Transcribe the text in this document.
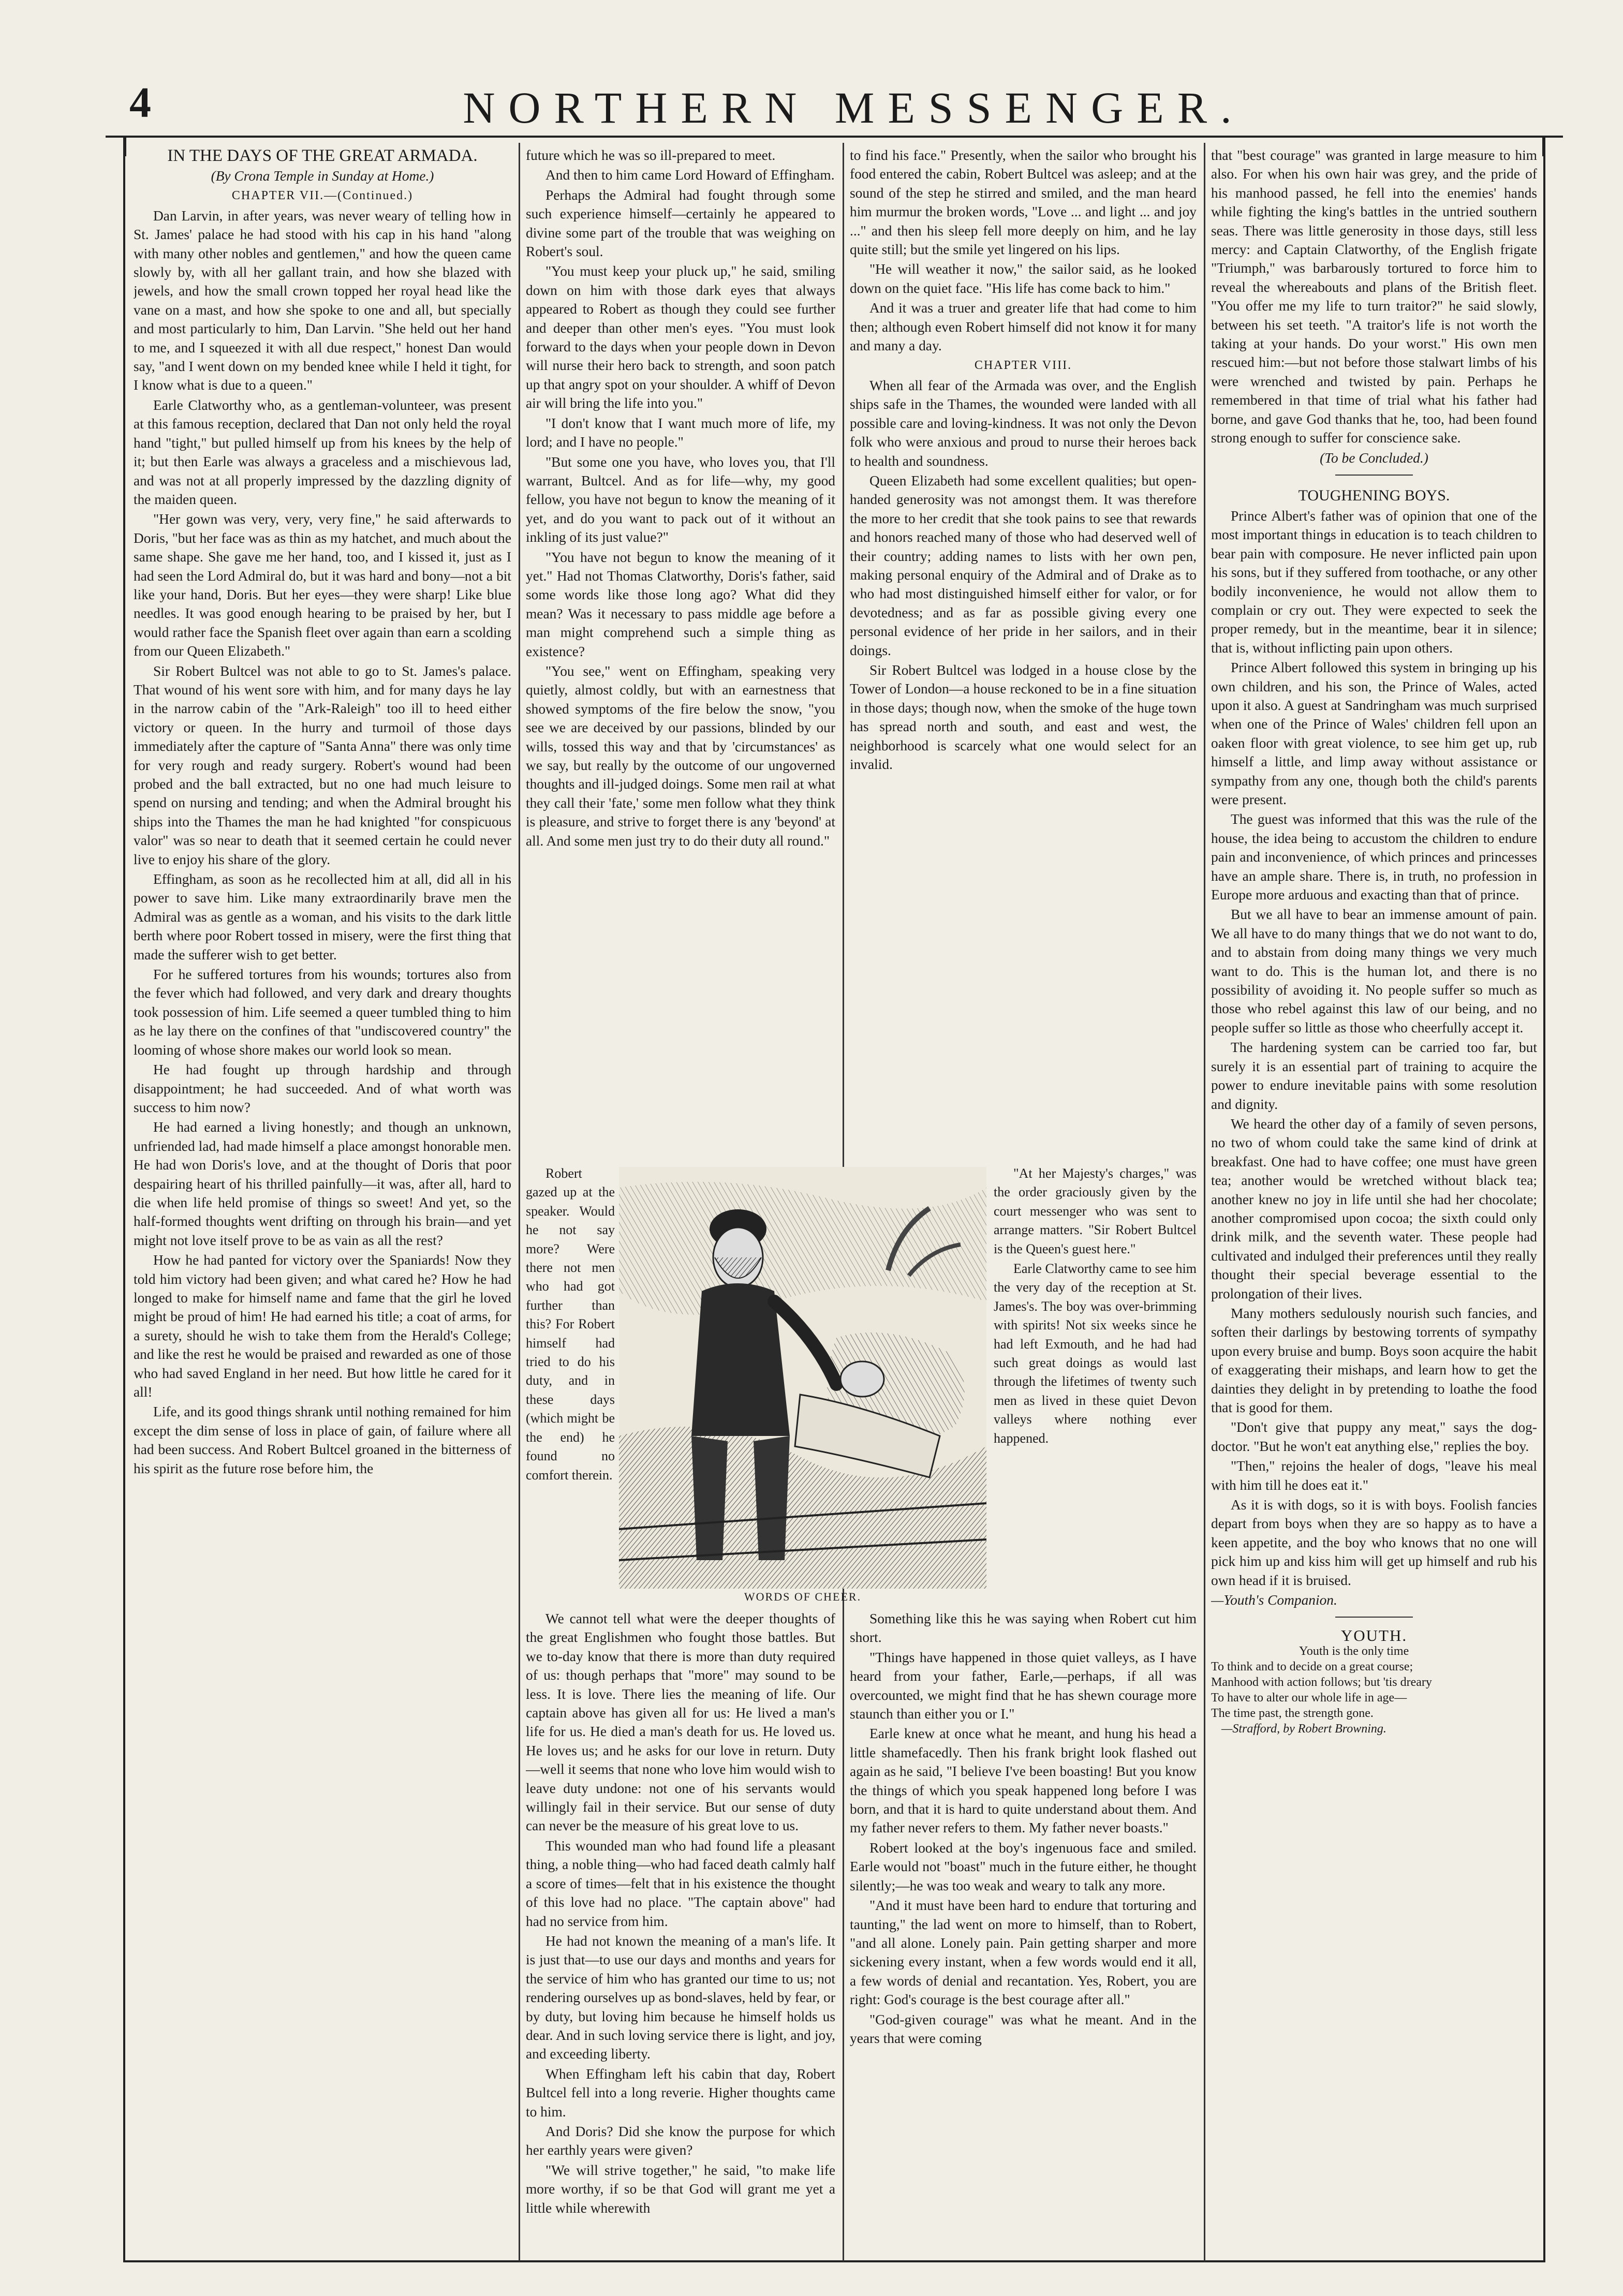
4	NORTHERN MESSENGER.

IN THE DAYS OF THE GREAT ARMADA.

(By Crona Temple in Sunday at Home.)

CHAPTER VII.—(Continued.)

Dan Larvin, in after years, was never weary of telling how in St. James' palace he had stood with his cap in his hand "along with many other nobles and gentlemen," and how the queen came slowly by, with all her gallant train, and how she blazed with jewels, and how the small crown topped her royal head like the vane on a mast, and how she spoke to one and all, but specially and most particularly to him, Dan Larvin. "She held out her hand to me, and I squeezed it with all due respect," honest Dan would say, "and I went down on my bended knee while I held it tight, for I know what is due to a queen."

Earle Clatworthy who, as a gentleman-volunteer, was present at this famous reception, declared that Dan not only held the royal hand "tight," but pulled himself up from his knees by the help of it; but then Earle was always a graceless and a mischievous lad, and was not at all properly impressed by the dazzling dignity of the maiden queen.

"Her gown was very, very, very fine," he said afterwards to Doris, "but her face was as thin as my hatchet, and much about the same shape. She gave me her hand, too, and I kissed it, just as I had seen the Lord Admiral do, but it was hard and bony—not a bit like your hand, Doris. But her eyes—they were sharp! Like blue needles. It was good enough hearing to be praised by her, but I would rather face the Spanish fleet over again than earn a scolding from our Queen Elizabeth."

Sir Robert Bultcel was not able to go to St. James's palace. That wound of his went sore with him, and for many days he lay in the narrow cabin of the "Ark-Raleigh" too ill to heed either victory or queen. In the hurry and turmoil of those days immediately after the capture of "Santa Anna" there was only time for very rough and ready surgery. Robert's wound had been probed and the ball extracted, but no one had much leisure to spend on nursing and tending; and when the Admiral brought his ships into the Thames the man he had knighted "for conspicuous valor" was so near to death that it seemed certain he could never live to enjoy his share of the glory.

Effingham, as soon as he recollected him at all, did all in his power to save him. Like many extraordinarily brave men the Admiral was as gentle as a woman, and his visits to the dark little berth where poor Robert tossed in misery, were the first thing that made the sufferer wish to get better.

For he suffered tortures from his wounds; tortures also from the fever which had followed, and very dark and dreary thoughts took possession of him. Life seemed a queer tumbled thing to him as he lay there on the confines of that "undiscovered country" the looming of whose shore makes our world look so mean.

He had fought up through hardship and through disappointment; he had succeeded. And of what worth was success to him now?

He had earned a living honestly; and though an unknown, unfriended lad, had made himself a place amongst honorable men. He had won Doris's love, and at the thought of Doris that poor despairing heart of his thrilled painfully—it was, after all, hard to die when life held promise of things so sweet! And yet, so the half-formed thoughts went drifting on through his brain—and yet might not love itself prove to be as vain as all the rest?

How he had panted for victory over the Spaniards! Now they told him victory had been given; and what cared he? How he had longed to make for himself name and fame that the girl he loved might be proud of him! He had earned his title; a coat of arms, for a surety, should he wish to take them from the Herald's College; and like the rest he would be praised and rewarded as one of those who had saved England in her need. But how little he cared for it all!

Life, and its good things shrank until nothing remained for him except the dim sense of loss in place of gain, of failure where all had been success. And Robert Bultcel groaned in the bitterness of his spirit as the future rose before him, the

future which he was so ill-prepared to meet.

And then to him came Lord Howard of Effingham.

Perhaps the Admiral had fought through some such experience himself—certainly he appeared to divine some part of the trouble that was weighing on Robert's soul.

"You must keep your pluck up," he said, smiling down on him with those dark eyes that always appeared to Robert as though they could see further and deeper than other men's eyes. "You must look forward to the days when your people down in Devon will nurse their hero back to strength, and soon patch up that angry spot on your shoulder. A whiff of Devon air will bring the life into you."

"I don't know that I want much more of life, my lord; and I have no people."

"But some one you have, who loves you, that I'll warrant, Bultcel. And as for life—why, my good fellow, you have not begun to know the meaning of it yet, and do you want to pack out of it without an inkling of its just value?"

"You have not begun to know the meaning of it yet." Had not Thomas Clatworthy, Doris's father, said some words like those long ago? What did they mean? Was it necessary to pass middle age before a man might comprehend such a simple thing as existence?

"You see," went on Effingham, speaking very quietly, almost coldly, but with an earnestness that showed symptoms of the fire below the snow, "you see we are deceived by our passions, blinded by our wills, tossed this way and that by 'circumstances' as we say, but really by the outcome of our ungoverned thoughts and ill-judged doings. Some men rail at what they call their 'fate,' some men follow what they think is pleasure, and strive to forget there is any 'beyond' at all. And some men just try to do their duty all round."

Robert gazed up at the speaker. Would he not say more? Were there not men who had got further than this? For Robert himself had tried to do his duty, and in these days (which might be the end) he found no comfort therein.

We cannot tell what were the deeper thoughts of the great Englishmen who fought those battles. But we to-day know that there is more than duty required of us: though perhaps that "more" may sound to be less. It is love. There lies the meaning of life. Our captain above has given all for us: He lived a man's life for us. He died a man's death for us. He loved us. He loves us; and he asks for our love in return. Duty—well it seems that none who love him would wish to leave duty undone: not one of his servants would willingly fail in their service. But our sense of duty can never be the measure of his great love to us.

This wounded man who had found life a pleasant thing, a noble thing—who had faced death calmly half a score of times—felt that in his existence the thought of this love had no place. "The captain above" had had no service from him.

He had not known the meaning of a man's life. It is just that—to use our days and months and years for the service of him who has granted our time to us; not rendering ourselves up as bond-slaves, held by fear, or by duty, but loving him because he himself holds us dear. And in such loving service there is light, and joy, and exceeding liberty.

When Effingham left his cabin that day, Robert Bultcel fell into a long reverie. Higher thoughts came to him.

And Doris? Did she know the purpose for which her earthly years were given?

"We will strive together," he said, "to make life more worthy, if so be that God will grant me yet a little while wherewith

to find his face." Presently, when the sailor who brought his food entered the cabin, Robert Bultcel was asleep; and at the sound of the step he stirred and smiled, and the man heard him murmur the broken words, "Love ... and light ... and joy ..." and then his sleep fell more deeply on him, and he lay quite still; but the smile yet lingered on his lips.

"He will weather it now," the sailor said, as he looked down on the quiet face. "His life has come back to him."

And it was a truer and greater life that had come to him then; although even Robert himself did not know it for many and many a day.

CHAPTER VIII.

When all fear of the Armada was over, and the English ships safe in the Thames, the wounded were landed with all possible care and loving-kindness. It was not only the Devon folk who were anxious and proud to nurse their heroes back to health and soundness.

Queen Elizabeth had some excellent qualities; but open-handed generosity was not amongst them. It was therefore the more to her credit that she took pains to see that rewards and honors reached many of those who had deserved well of their country; adding names to lists with her own pen, making personal enquiry of the Admiral and of Drake as to who had most distinguished himself either for valor, or for devotedness; and as far as possible giving every one personal evidence of her pride in her sailors, and in their doings.

Sir Robert Bultcel was lodged in a house close by the Tower of London—a house reckoned to be in a fine situation in those days; though now, when the smoke of the huge town has spread north and south, and east and west, the neighborhood is scarcely what one would select for an invalid.

"At her Majesty's charges," was the order graciously given by the court messenger who was sent to arrange matters. "Sir Robert Bultcel is the Queen's guest here."

Earle Clatworthy came to see him the very day of the reception at St. James's. The boy was over-brimming with spirits! Not six weeks since he had left Exmouth, and he had had such great doings as would last through the lifetimes of twenty such men as lived in these quiet Devon valleys where nothing ever happened.

Something like this he was saying when Robert cut him short.

"Things have happened in those quiet valleys, as I have heard from your father, Earle,—perhaps, if all was overcounted, we might find that he has shewn courage more staunch than either you or I."

Earle knew at once what he meant, and hung his head a little shamefacedly. Then his frank bright look flashed out again as he said, "I believe I've been boasting! But you know the things of which you speak happened long before I was born, and that it is hard to quite understand about them. And my father never refers to them. My father never boasts."

Robert looked at the boy's ingenuous face and smiled. Earle would not "boast" much in the future either, he thought silently;—he was too weak and weary to talk any more.

"And it must have been hard to endure that torturing and taunting," the lad went on more to himself, than to Robert, "and all alone. Lonely pain. Pain getting sharper and more sickening every instant, when a few words would end it all, a few words of denial and recantation. Yes, Robert, you are right: God's courage is the best courage after all."

"God-given courage" was what he meant. And in the years that were coming

that "best courage" was granted in large measure to him also. For when his own hair was grey, and the pride of his manhood passed, he fell into the enemies' hands while fighting the king's battles in the untried southern seas. There was little generosity in those days, still less mercy: and Captain Clatworthy, of the English frigate "Triumph," was barbarously tortured to force him to reveal the whereabouts and plans of the British fleet. "You offer me my life to turn traitor?" he said slowly, between his set teeth. "A traitor's life is not worth the taking at your hands. Do your worst." His own men rescued him:—but not before those stalwart limbs of his were wrenched and twisted by pain. Perhaps he remembered in that time of trial what his father had borne, and gave God thanks that he, too, had been found strong enough to suffer for conscience sake.

(To be Concluded.)

TOUGHENING BOYS.

Prince Albert's father was of opinion that one of the most important things in education is to teach children to bear pain with composure. He never inflicted pain upon his sons, but if they suffered from toothache, or any other bodily inconvenience, he would not allow them to complain or cry out. They were expected to seek the proper remedy, but in the meantime, bear it in silence; that is, without inflicting pain upon others.

Prince Albert followed this system in bringing up his own children, and his son, the Prince of Wales, acted upon it also. A guest at Sandringham was much surprised when one of the Prince of Wales' children fell upon an oaken floor with great violence, to see him get up, rub himself a little, and limp away without assistance or sympathy from any one, though both the child's parents were present.

The guest was informed that this was the rule of the house, the idea being to accustom the children to endure pain and inconvenience, of which princes and princesses have an ample share. There is, in truth, no profession in Europe more arduous and exacting than that of prince.

But we all have to bear an immense amount of pain. We all have to do many things that we do not want to do, and to abstain from doing many things we very much want to do. This is the human lot, and there is no possibility of avoiding it. No people suffer so much as those who rebel against this law of our being, and no people suffer so little as those who cheerfully accept it.

The hardening system can be carried too far, but surely it is an essential part of training to acquire the power to endure inevitable pains with some resolution and dignity.

We heard the other day of a family of seven persons, no two of whom could take the same kind of drink at breakfast. One had to have coffee; one must have green tea; another would be wretched without black tea; another knew no joy in life until she had her chocolate; another compromised upon cocoa; the sixth could only drink milk, and the seventh water. These people had cultivated and indulged their preferences until they really thought their special beverage essential to the prolongation of their lives.

Many mothers sedulously nourish such fancies, and soften their darlings by bestowing torrents of sympathy upon every bruise and bump. Boys soon acquire the habit of exaggerating their mishaps, and learn how to get the dainties they delight in by pretending to loathe the food that is good for them.

"Don't give that puppy any meat," says the dog-doctor. "But he won't eat anything else," replies the boy.

"Then," rejoins the healer of dogs, "leave his meal with him till he does eat it."

As it is with dogs, so it is with boys. Foolish fancies depart from boys when they are so happy as to have a keen appetite, and the boy who knows that no one will pick him up and kiss him will get up himself and rub his own head if it is bruised.

—Youth's Companion.

YOUTH.
Youth is the only time
To think and to decide on a great course;
Manhood with action follows; but 'tis dreary
To have to alter our whole life in age—
The time past, the strength gone.
—Strafford, by Robert Browning.
WORDS OF CHEER.
